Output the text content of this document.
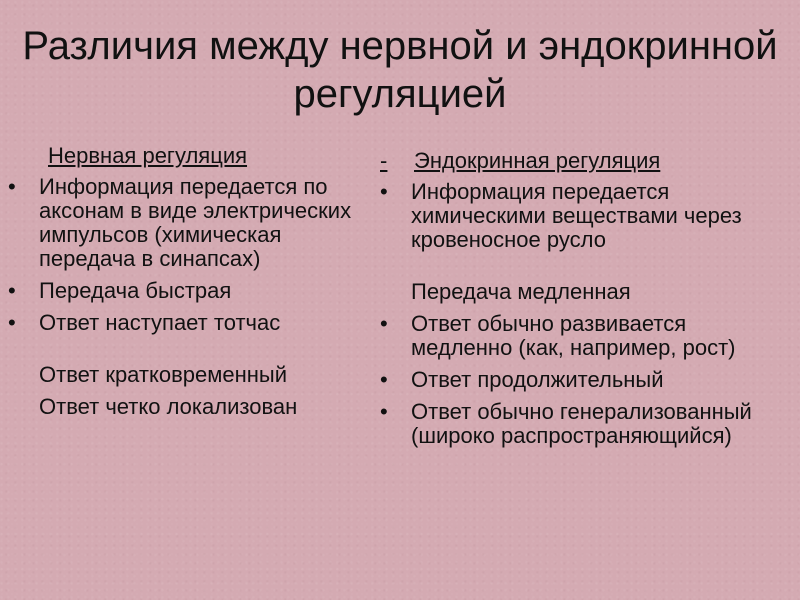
Различия между нервной и эндокринной регуляцией
Нервная регуляция
•	Информация передается по аксонам в виде электрических импульсов (химическая передача в синапсах)
•	Передача быстрая
•	Ответ наступает тотчас
Ответ кратковременный
Ответ четко локализован
-	Эндокринная регуляция
•	Информация передается химическими веществами через кровеносное русло
Передача медленная
•	Ответ обычно развивается медленно (как, например, рост)
•	Ответ продолжительный
•	Ответ обычно генерализованный (широко распространяющийся)
